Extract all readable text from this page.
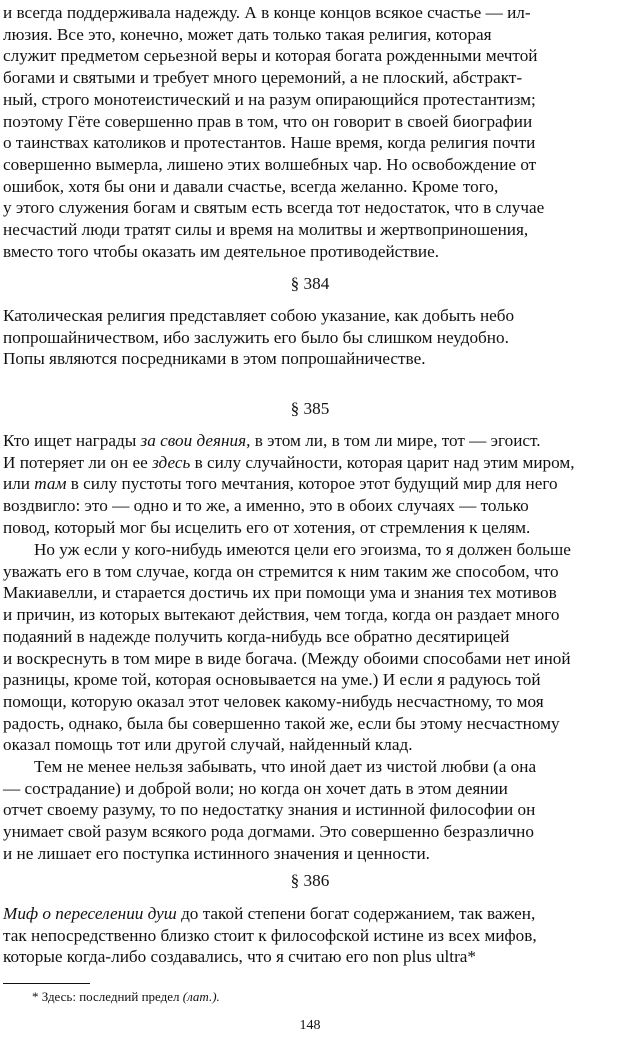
и всегда поддерживала надежду. А в конце концов всякое счастье — ил-

люзия. Все это, конечно, может дать только такая религия, которая

служит предметом серьезной веры и которая богата рожденными мечтой

богами и святыми и требует много церемоний, а не плоский, абстракт-

ный, строго монотеистический и на разум опирающийся протестантизм;

поэтому Гёте совершенно прав в том, что он говорит в своей биографии

о таинствах католиков и протестантов. Наше время, когда религия почти

совершенно вымерла, лишено этих волшебных чар. Но освобождение от

ошибок, хотя бы они и давали счастье, всегда желанно. Кроме того,

у этого служения богам и святым есть всегда тот недостаток, что в случае

несчастий люди тратят силы и время на молитвы и жертвоприношения,

вместо того чтобы оказать им деятельное противодействие.

§ 384

Католическая религия представляет собою указание, как добыть небо

попрошайничеством, ибо заслужить его было бы слишком неудобно.

Попы являются посредниками в этом попрошайничестве.

§ 385

Кто ищет награды за свои деяния, в этом ли, в том ли мире, тот — эгоист.

И потеряет ли он ее здесь в силу случайности, которая царит над этим миром,

или там в силу пустоты того мечтания, которое этот будущий мир для него

воздвигло: это — одно и то же, а именно, это в обоих случаях — только

повод, который мог бы исцелить его от хотения, от стремления к целям.

Но уж если у кого-нибудь имеются цели его эгоизма, то я должен больше

уважать его в том случае, когда он стремится к ним таким же способом, что

Макиавелли, и старается достичь их при помощи ума и знания тех мотивов

и причин, из которых вытекают действия, чем тогда, когда он раздает много

подаяний в надежде получить когда-нибудь все обратно десятирицей

и воскреснуть в том мире в виде богача. (Между обоими способами нет иной

разницы, кроме той, которая основывается на уме.) И если я радуюсь той

помощи, которую оказал этот человек какому-нибудь несчастному, то моя

радость, однако, была бы совершенно такой же, если бы этому несчастному

оказал помощь тот или другой случай, найденный клад.

Тем не менее нельзя забывать, что иной дает из чистой любви (а она

— сострадание) и доброй воли; но когда он хочет дать в этом деянии

отчет своему разуму, то по недостатку знания и истинной философии он

унимает свой разум всякого рода догмами. Это совершенно безразлично

и не лишает его поступка истинного значения и ценности.

§ 386

Миф о переселении душ до такой степени богат содержанием, так важен,

так непосредственно близко стоит к философской истине из всех мифов,

которые когда-либо создавались, что я считаю его non plus ultra*

* Здесь: последний предел (лат.).
148
